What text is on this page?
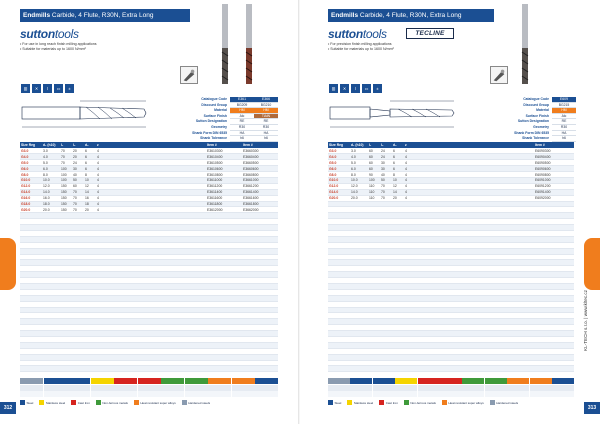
Endmills Carbide, 4 Flute, R30N, Extra Long
suttontools
• For use in long reach finish milling applications
• Suitable for materials up to 1600 N/mm²
▥	✕	⌇	▭	±
Catalogue Code	E361	E366
Discount Group	BG209	BG210
Material	HM	HM
Surface Finish	Alc	TiAlN
Sutton Designation	RE	RE
Geometry	R30	R30
Shank Form DIN 6535	HA	HA
Shank Tolerance	h6	h6
Size Reg	d₁ (h10)	l₁	l₂	d₂	z		Item #	Item #
G3.0	3.0	70	20	6	4		E3610300	E3660300
G4.0	4.0	70	20	6	4		E3610400	E3660400
G5.0	5.0	70	24	6	4		E3610500	E3660500
G6.0	6.0	100	30	6	4		E3610600	E3660600
G8.0	8.0	100	40	8	4		E3610800	E3660800
G10.0	10.0	100	50	10	4		E3611000	E3661000
G12.0	12.0	150	60	12	4		E3611200	E3661200
G14.0	14.0	150	70	14	4		E3611400	E3661400
G16.0	16.0	150	70	16	4		E3611600	E3661600
G18.0	18.0	150	70	18	4		E3611800	E3661800
G20.0	20.0	150	70	20	4		E3612000	E3662000

Steel	Stainless steel	Cast Iron	Non-ferrous metals	Heat resistant super alloys	Hardened steels
312
Endmills Carbide, 4 Flute, R30N, Extra Long
suttontools	TECLINE
• For precision finish milling applications
• Suitable for materials up to 1600 N/mm²
▥	✕	⌇	▭	±
Catalogue Code	E609
Discount Group	BG215
Material	HM
Surface Finish	Alc
Sutton Designation	RE
Geometry	R30
Shank Form DIN 6535	HA
Shank Tolerance	h6
Size Reg	d₁ (h10)	l₁	l₂	d₂	z		Item #
G3.0	3.0	60	24	6	4		E6090300
G4.0	4.0	60	24	6	4		E6090400
G5.0	5.0	60	30	6	4		E6090500
G6.0	6.0	60	30	6	4		E6090600
G8.0	8.0	90	40	8	4		E6090800
G10.0	10.0	100	50	10	4		E6091000
G12.0	12.0	110	70	12	4		E6091200
G14.0	14.0	110	70	14	4		E6091400
G20.0	20.0	110	70	20	4		E6092000

Steel	Stainless steel	Cast Iron	Non-ferrous metals	Heat resistant super alloys	Hardened steels
KL-TECH s.r.o. | www.kltec.cz
313
